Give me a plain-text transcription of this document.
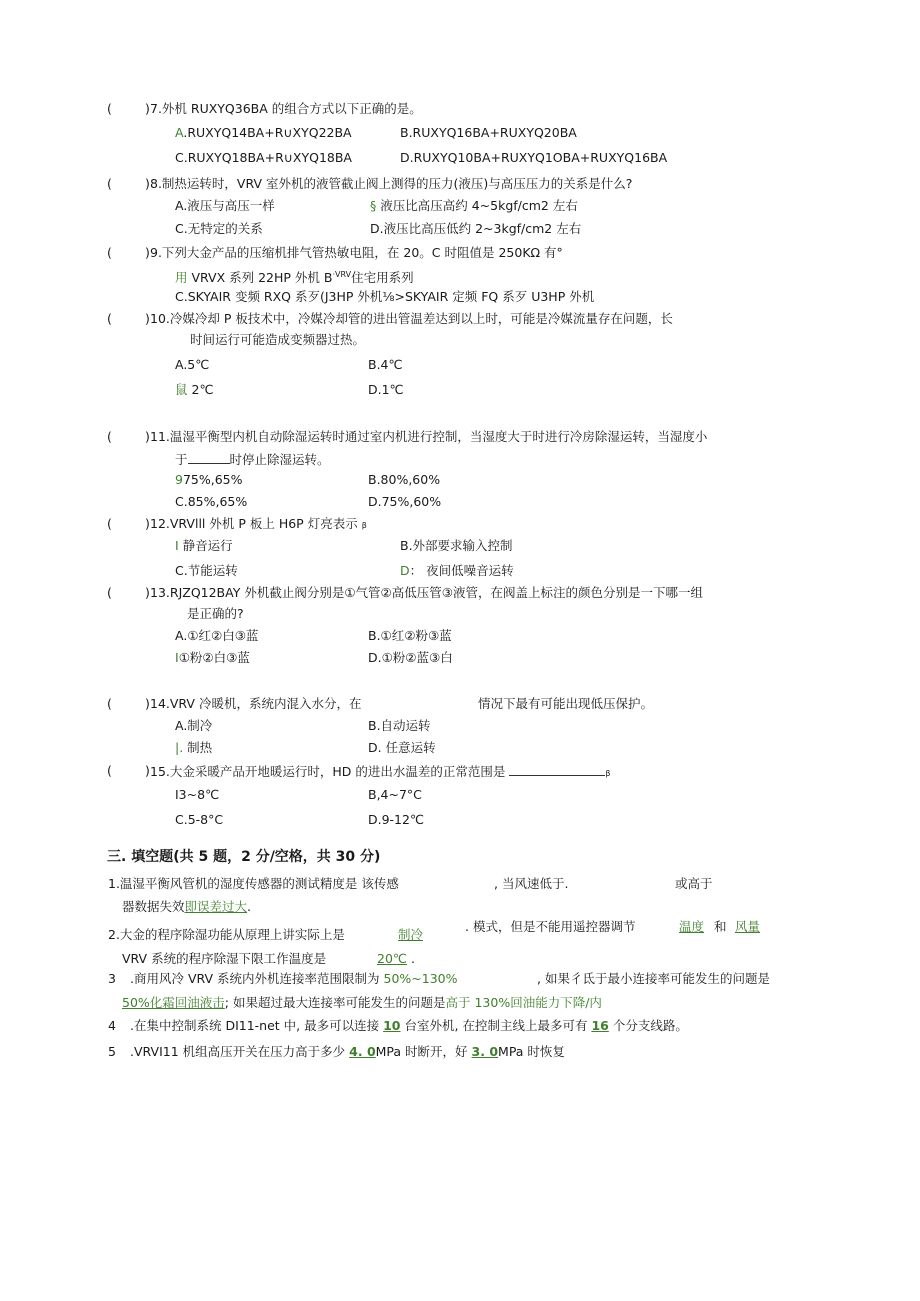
(	) 7.外机 RUXYQ36BA 的组合方式以下正确的是。
A.RUXYQ14BA+R∪XYQ22BA	B.RUXYQ16BA+RUXYQ20BA
C.RUXYQ18BA+R∪XYQ18BA	D.RUXYQ10BA+RUXYQ1OBA+RUXYQ16BA
(	) 8.制热运转时，VRV 室外机的液管截止阀上测得的压力(液压)与高压压力的关系是什么?
A.液压与高压一样	§ 液压比高压高约 4~5kgf/cm2 左右
C.无特定的关系	D.液压比高压低约 2~3kgf/cm2 左右
(	) 9.下列大金产品的压缩机排气管热敏电阻，在 20。C 时阻值是 250KΩ 有°
用 VRVX 系列 22HP 外机 $B^{\cdot VRV}$住宅用系列
C.SKYAIR 变频 RXQ 系歹(J3HP 外机⅛>SKYAIR 定频 FQ 系歹 U3HP 外机
(	) 10.冷媒冷却 P 板技术中，冷媒冷却管的进出管温差达到以上时，可能是冷媒流量存在问题，长
时间运行可能造成变频器过热。
A.5℃	B.4℃
鼠 2℃	D.1℃
(	) 11.温湿平衡型内机自动除湿运转时通过室内机进行控制，当湿度大于时进行冷房除湿运转，当湿度小
于	时停止除湿运转。
975%,65%	B.80%,60%
C.85%,65%	D.75%,60%
(	) 12.VRVlll 外机 P 板上 H6P 灯亮表示 β
I 静音运行	B.外部要求输入控制
C.节能运转	D： 夜间低噪音运转
(	) 13.RJZQ12BAY 外机截止阀分别是①气管②高低压管③液管，在阀盖上标注的颜色分别是一下哪一组
是正确的?
A.①红②白③蓝	B.①红②粉③蓝
I①粉②白③蓝	D.①粉②蓝③白
(	) 14.VRV 冷暖机，系统内混入水分，在	情况下最有可能出现低压保护。
A.制冷	B.自动运转
|. 制热	D. 任意运转
(	) 15.大金采暖产品开地暖运行时，HD 的进出水温差的正常范围是	β
I3~8℃	B,4~7°C
C.5-8°C	D.9-12℃
三. 填空题(共 5 题，2 分/空格，共 30 分)
1.温湿平衡风管机的湿度传感器的测试精度是 该传感	, 当风速低于.	或高于
器数据失效即误差过大.
2.大金的程序除湿功能从原理上讲实际上是	制冷
. 模式，但是不能用遥控器调节	温度 和 风量
VRV 系统的程序除湿下限工作温度是	20℃ .
3 .商用风冷 VRV 系统内外机连接率范围限制为 50%~130%	, 如果彳氐于最小连接率可能发生的问题是
50%化霜回油液击; 如果超过最大连接率可能发生的问题是高于 130%回油能力下降/内
4 .在集中控制系统 DI11-net 中, 最多可以连接 10 台室外机, 在控制主线上最多可有 16 个分支线路。
5 .VRVI11 机组高压开关在压力高于多少 4. 0MPa 时断开，好 3. 0MPa 时恢复
